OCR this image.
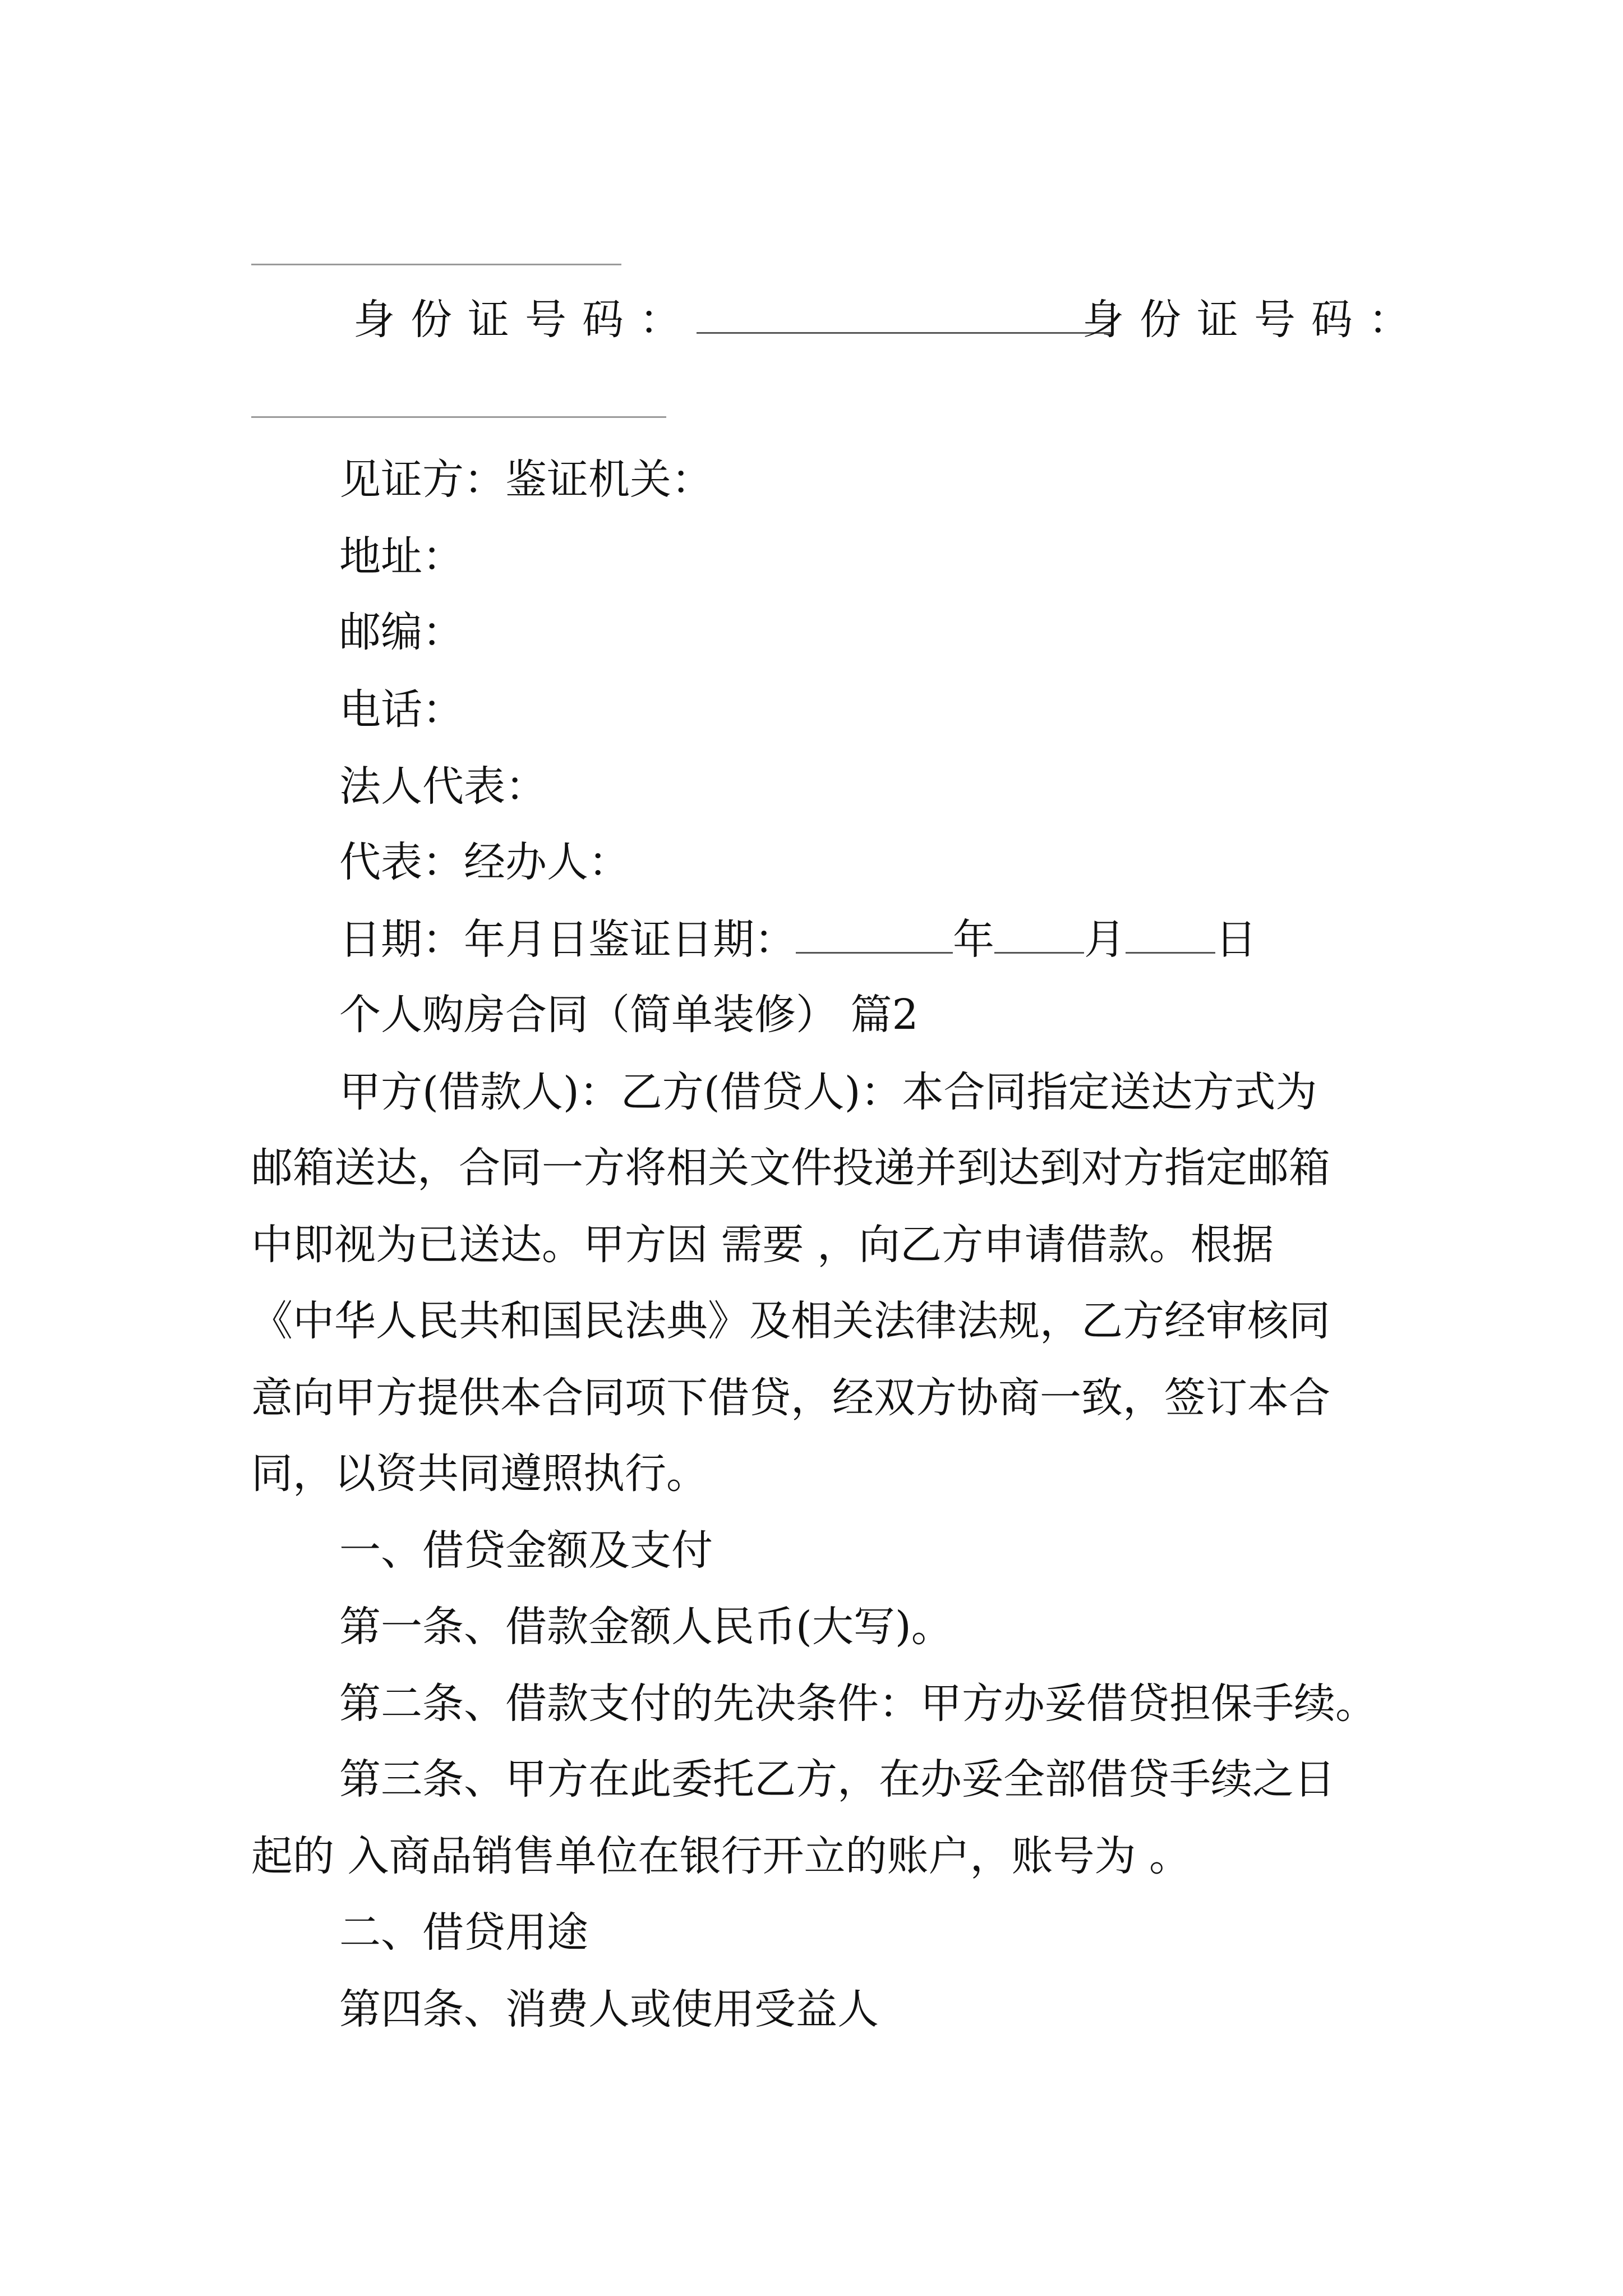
身份证号码：	身份证号码：
见证方：鉴证机关：
地址：
邮编：
电话：
法人代表：
代表：经办人：
日期：年月日鉴证日期：	年 月 日
个人购房合同（简单装修） 篇2
甲方(借款人)：乙方(借贷人)：本合同指定送达方式为
邮箱送达，合同一方将相关文件投递并到达到对方指定邮箱
中即视为已送达。甲方因 需要 ，向乙方申请借款。根据
《中华人民共和国民法典》及相关法律法规，乙方经审核同
意向甲方提供本合同项下借贷，经双方协商一致，签订本合
同，以资共同遵照执行。
一、借贷金额及支付
第一条、借款金额人民币(大写)。
第二条、借款支付的先决条件：甲方办妥借贷担保手续。
第三条、甲方在此委托乙方，在办妥全部借贷手续之日
起的 入商品销售单位在银行开立的账户，账号为 。
二、借贷用途
第四条、消费人或使用受益人
